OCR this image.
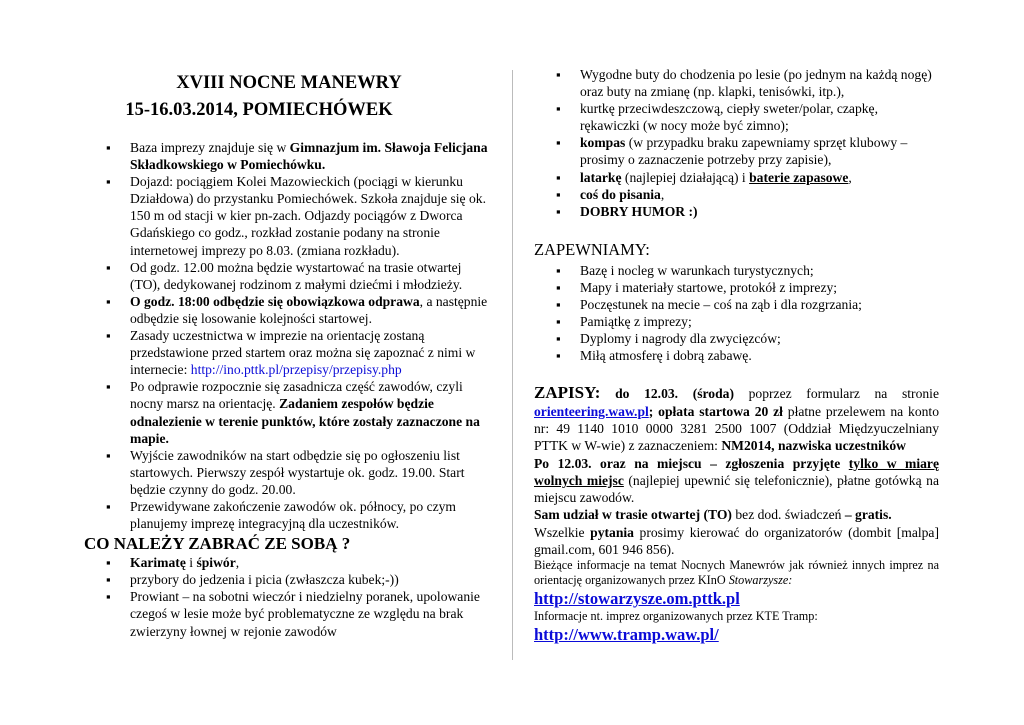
XVIII NOCNE MANEWRY
15-16.03.2014, POMIECHÓWEK
▪ Baza imprezy znajduje się w Gimnazjum im. Sławoja Felicjana Składkowskiego w Pomiechówku.
▪ Dojazd: pociągiem Kolei Mazowieckich (pociągi w kierunku Działdowa) do przystanku Pomiechówek. Szkoła znajduje się ok. 150 m od stacji w kier pn-zach. Odjazdy pociągów z Dworca Gdańskiego co godz., rozkład zostanie podany na stronie internetowej imprezy po 8.03. (zmiana rozkładu).
▪ Od godz. 12.00 można będzie wystartować na trasie otwartej (TO), dedykowanej rodzinom z małymi dziećmi i młodzieży.
▪ O godz. 18:00 odbędzie się obowiązkowa odprawa, a następnie odbędzie się losowanie kolejności startowej.
▪ Zasady uczestnictwa w imprezie na orientację zostaną przedstawione przed startem oraz można się zapoznać z nimi w internecie: http://ino.pttk.pl/przepisy/przepisy.php
▪ Po odprawie rozpocznie się zasadnicza część zawodów, czyli nocny marsz na orientację. Zadaniem zespołów będzie odnalezienie w terenie punktów, które zostały zaznaczone na mapie.
▪ Wyjście zawodników na start odbędzie się po ogłoszeniu list startowych. Pierwszy zespół wystartuje ok. godz. 19.00. Start będzie czynny do godz. 20.00.
▪ Przewidywane zakończenie zawodów ok. północy, po czym planujemy imprezę integracyjną dla uczestników.
CO NALEŻY ZABRAĆ ZE SOBĄ ?
▪ Karimatę i śpiwór,
▪ przybory do jedzenia i picia (zwłaszcza kubek;-))
▪ Prowiant – na sobotni wieczór i niedzielny poranek, upolowanie czegoś w lesie może być problematyczne ze względu na brak zwierzyny łownej w rejonie zawodów
▪ Wygodne buty do chodzenia po lesie (po jednym na każdą nogę) oraz buty na zmianę (np. klapki, tenisówki, itp.),
▪ kurtkę przeciwdeszczową, ciepły sweter/polar, czapkę, rękawiczki (w nocy może być zimno);
▪ kompas (w przypadku braku zapewniamy sprzęt klubowy – prosimy o zaznaczenie potrzeby przy zapisie),
▪ latarkę (najlepiej działającą) i baterie zapasowe,
▪ coś do pisania,
▪ DOBRY HUMOR :)
ZAPEWNIAMY:
▪ Bazę i nocleg w warunkach turystycznych;
▪ Mapy i materiały startowe, protokół z imprezy;
▪ Poczęstunek na mecie – coś na ząb i dla rozgrzania;
▪ Pamiątkę z imprezy;
▪ Dyplomy i nagrody dla zwycięzców;
▪ Miłą atmosferę i dobrą zabawę.

ZAPISY: do 12.03. (środa) poprzez formularz na stronie orienteering.waw.pl; opłata startowa 20 zł płatne przelewem na konto nr: 49 1140 1010 0000 3281 2500 1007 (Oddział Międzyuczelniany PTTK w W-wie) z zaznaczeniem: NM2014, nazwiska uczestników

Po 12.03. oraz na miejscu – zgłoszenia przyjęte tylko w miarę wolnych miejsc (najlepiej upewnić się telefonicznie), płatne gotówką na miejscu zawodów.

Sam udział w trasie otwartej (TO) bez dod. świadczeń – gratis.

Wszelkie pytania prosimy kierować do organizatorów (dombit [malpa] gmail.com, 601 946 856).

Bieżące informacje na temat Nocnych Manewrów jak również innych imprez na orientację organizowanych przez KInO Stowarzysze:

http://stowarzysze.om.pttk.pl

Informacje nt. imprez organizowanych przez KTE Tramp:

http://www.tramp.waw.pl/
